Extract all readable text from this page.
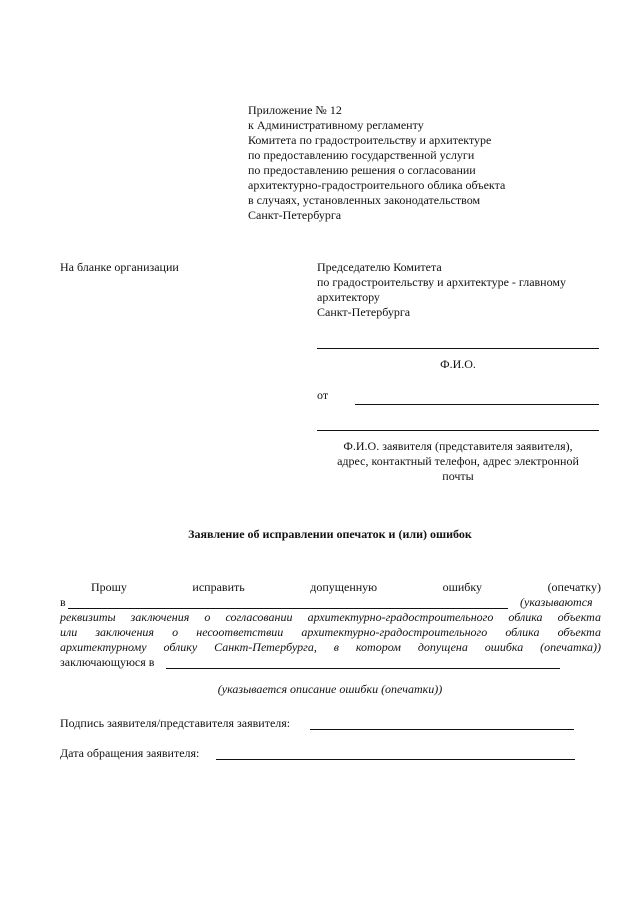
Приложение № 12
к Административному регламенту
Комитета по градостроительству и архитектуре
по предоставлению государственной услуги
по предоставлению решения о согласовании
архитектурно-градостроительного облика объекта
в случаях, установленных законодательством
Санкт-Петербурга
На бланке организации	Председателю Комитета
по градостроительству и архитектуре - главному
архитектору
Санкт-Петербурга
Ф.И.О.
от
Ф.И.О. заявителя (представителя заявителя),
адрес, контактный телефон, адрес электронной
почты
Заявление об исправлении опечаток и (или) ошибок
Прошу	исправить	допущенную	ошибку	(опечатку)
в	(указываются
реквизиты заключения о согласовании архитектурно-градостроительного облика объекта
или заключения о несоответствии архитектурно-градостроительного облика объекта
архитектурному облику Санкт-Петербурга, в котором допущена ошибка (опечатка))
заключающуюся в
(указывается описание ошибки (опечатки))
Подпись заявителя/представителя заявителя:
Дата обращения заявителя:
